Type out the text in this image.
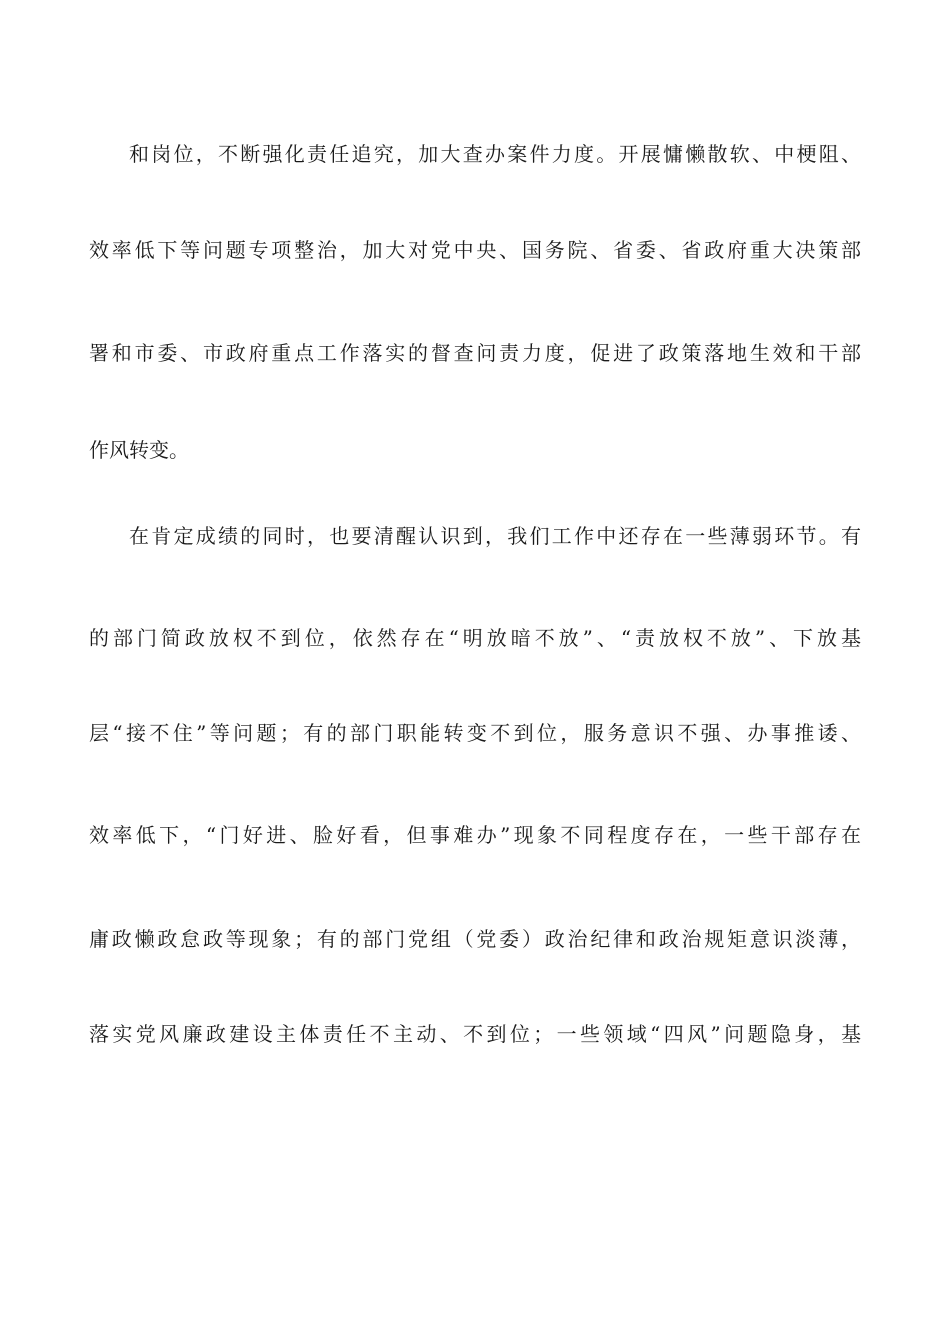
和岗位，不断强化责任追究，加大查办案件力度。开展慵懒散软、中梗阻、
效率低下等问题专项整治，加大对党中央、国务院、省委、省政府重大决策部
署和市委、市政府重点工作落实的督查问责力度，促进了政策落地生效和干部
作风转变。
在肯定成绩的同时，也要清醒认识到，我们工作中还存在一些薄弱环节。有
的部门简政放权不到位，依然存在“明放暗不放”、“责放权不放”、下放基
层“接不住”等问题；有的部门职能转变不到位，服务意识不强、办事推诿、
效率低下，“门好进、脸好看，但事难办”现象不同程度存在，一些干部存在
庸政懒政怠政等现象；有的部门党组（党委）政治纪律和政治规矩意识淡薄，
落实党风廉政建设主体责任不主动、不到位；一些领域“四风”问题隐身，基
